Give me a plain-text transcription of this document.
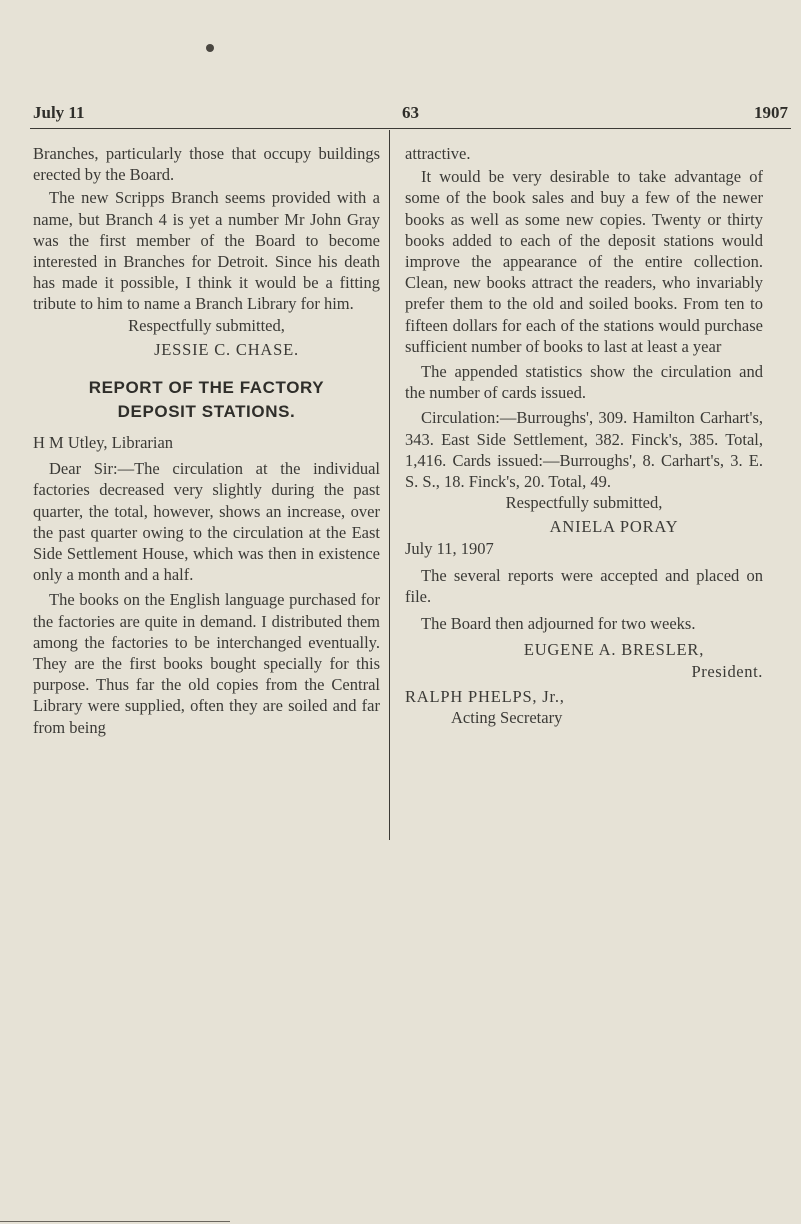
July 11	63	1907

Branches, particularly those that occupy buildings erected by the Board.

The new Scripps Branch seems provided with a name, but Branch 4 is yet a number Mr John Gray was the first member of the Board to become interested in Branches for Detroit. Since his death has made it possible, I think it would be a fitting tribute to him to name a Branch Library for him.

Respectfully submitted,

JESSIE C. CHASE.

REPORT OF THE FACTORY DEPOSIT STATIONS.

H M Utley, Librarian

Dear Sir:—The circulation at the individual factories decreased very slightly during the past quarter, the total, however, shows an increase, over the past quarter owing to the circulation at the East Side Settlement House, which was then in existence only a month and a half.

The books on the English language purchased for the factories are quite in demand. I distributed them among the factories to be interchanged eventually. They are the first books bought specially for this purpose. Thus far the old copies from the Central Library were supplied, often they are soiled and far from being

attractive.

It would be very desirable to take advantage of some of the book sales and buy a few of the newer books as well as some new copies. Twenty or thirty books added to each of the deposit stations would improve the appearance of the entire collection. Clean, new books attract the readers, who invariably prefer them to the old and soiled books. From ten to fifteen dollars for each of the stations would purchase sufficient number of books to last at least a year

The appended statistics show the circulation and the number of cards issued.

Circulation:—Burroughs', 309. Hamilton Carhart's, 343. East Side Settlement, 382. Finck's, 385. Total, 1,416. Cards issued:—Burroughs', 8. Carhart's, 3. E. S. S., 18. Finck's, 20. Total, 49.

Respectfully submitted,

ANIELA PORAY

July 11, 1907

The several reports were accepted and placed on file.

The Board then adjourned for two weeks.

EUGENE A. BRESLER,

President.

RALPH PHELPS, Jr.,

Acting Secretary
